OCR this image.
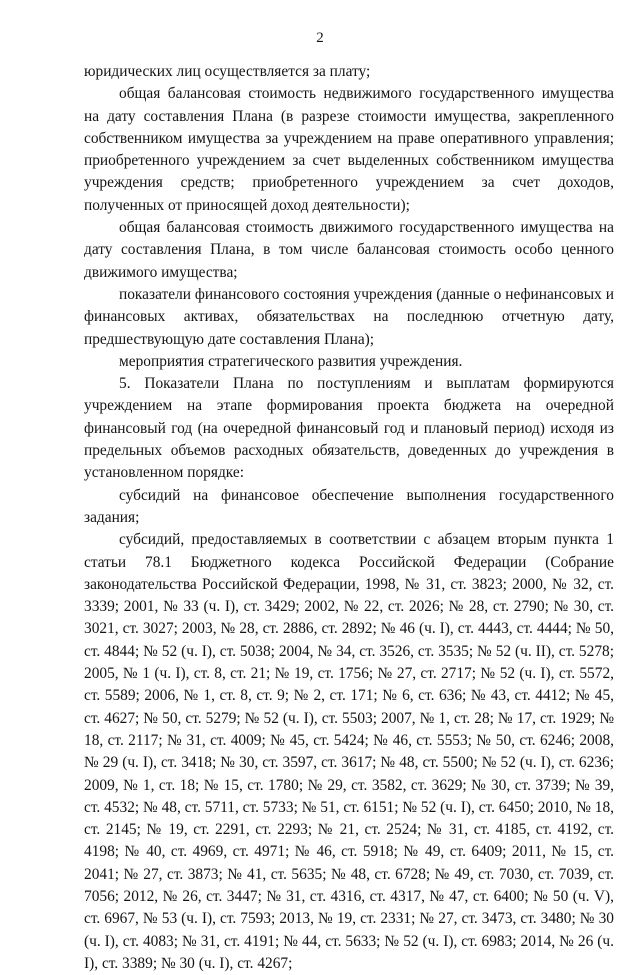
2

юридических лиц осуществляется за плату;

общая балансовая стоимость недвижимого государственного имущества на дату составления Плана (в разрезе стоимости имущества, закрепленного собственником имущества за учреждением на праве оперативного управления; приобретенного учреждением за счет выделенных собственником имущества учреждения средств; приобретенного учреждением за счет доходов, полученных от приносящей доход деятельности);

общая балансовая стоимость движимого государственного имущества на дату составления Плана, в том числе балансовая стоимость особо ценного движимого имущества;

показатели финансового состояния учреждения (данные о нефинансовых и финансовых активах, обязательствах на последнюю отчетную дату, предшествующую дате составления Плана);

мероприятия стратегического развития учреждения.

5. Показатели Плана по поступлениям и выплатам формируются учреждением на этапе формирования проекта бюджета на очередной финансовый год (на очередной финансовый год и плановый период) исходя из предельных объемов расходных обязательств, доведенных до учреждения в установленном порядке:

субсидий на финансовое обеспечение выполнения государственного задания;

субсидий, предоставляемых в соответствии с абзацем вторым пункта 1 статьи 78.1 Бюджетного кодекса Российской Федерации (Собрание законодательства Российской Федерации, 1998, № 31, ст. 3823; 2000, № 32, ст. 3339; 2001, № 33 (ч. I), ст. 3429; 2002, № 22, ст. 2026; № 28, ст. 2790; № 30, ст. 3021, ст. 3027; 2003, № 28, ст. 2886, ст. 2892; № 46 (ч. I), ст. 4443, ст. 4444; № 50, ст. 4844; № 52 (ч. I), ст. 5038; 2004, № 34, ст. 3526, ст. 3535; № 52 (ч. II), ст. 5278; 2005, № 1 (ч. I), ст. 8, ст. 21; № 19, ст. 1756; № 27, ст. 2717; № 52 (ч. I), ст. 5572, ст. 5589; 2006, № 1, ст. 8, ст. 9; № 2, ст. 171; № 6, ст. 636; № 43, ст. 4412; № 45, ст. 4627; № 50, ст. 5279; № 52 (ч. I), ст. 5503; 2007, № 1, ст. 28; № 17, ст. 1929; № 18, ст. 2117; № 31, ст. 4009; № 45, ст. 5424; № 46, ст. 5553; № 50, ст. 6246; 2008, № 29 (ч. I), ст. 3418; № 30, ст. 3597, ст. 3617; № 48, ст. 5500; № 52 (ч. I), ст. 6236; 2009, № 1, ст. 18; № 15, ст. 1780; № 29, ст. 3582, ст. 3629; № 30, ст. 3739; № 39, ст. 4532; № 48, ст. 5711, ст. 5733; № 51, ст. 6151; № 52 (ч. I), ст. 6450; 2010, № 18, ст. 2145; № 19, ст. 2291, ст. 2293; № 21, ст. 2524; № 31, ст. 4185, ст. 4192, ст. 4198; № 40, ст. 4969, ст. 4971; № 46, ст. 5918; № 49, ст. 6409; 2011, № 15, ст. 2041; № 27, ст. 3873; № 41, ст. 5635; № 48, ст. 6728; № 49, ст. 7030, ст. 7039, ст. 7056; 2012, № 26, ст. 3447; № 31, ст. 4316, ст. 4317, № 47, ст. 6400; № 50 (ч. V), ст. 6967, № 53 (ч. I), ст. 7593; 2013, № 19, ст. 2331; № 27, ст. 3473, ст. 3480; № 30 (ч. I), ст. 4083; № 31, ст. 4191; № 44, ст. 5633; № 52 (ч. I), ст. 6983; 2014, № 26 (ч. I), ст. 3389; № 30 (ч. I), ст. 4267;
